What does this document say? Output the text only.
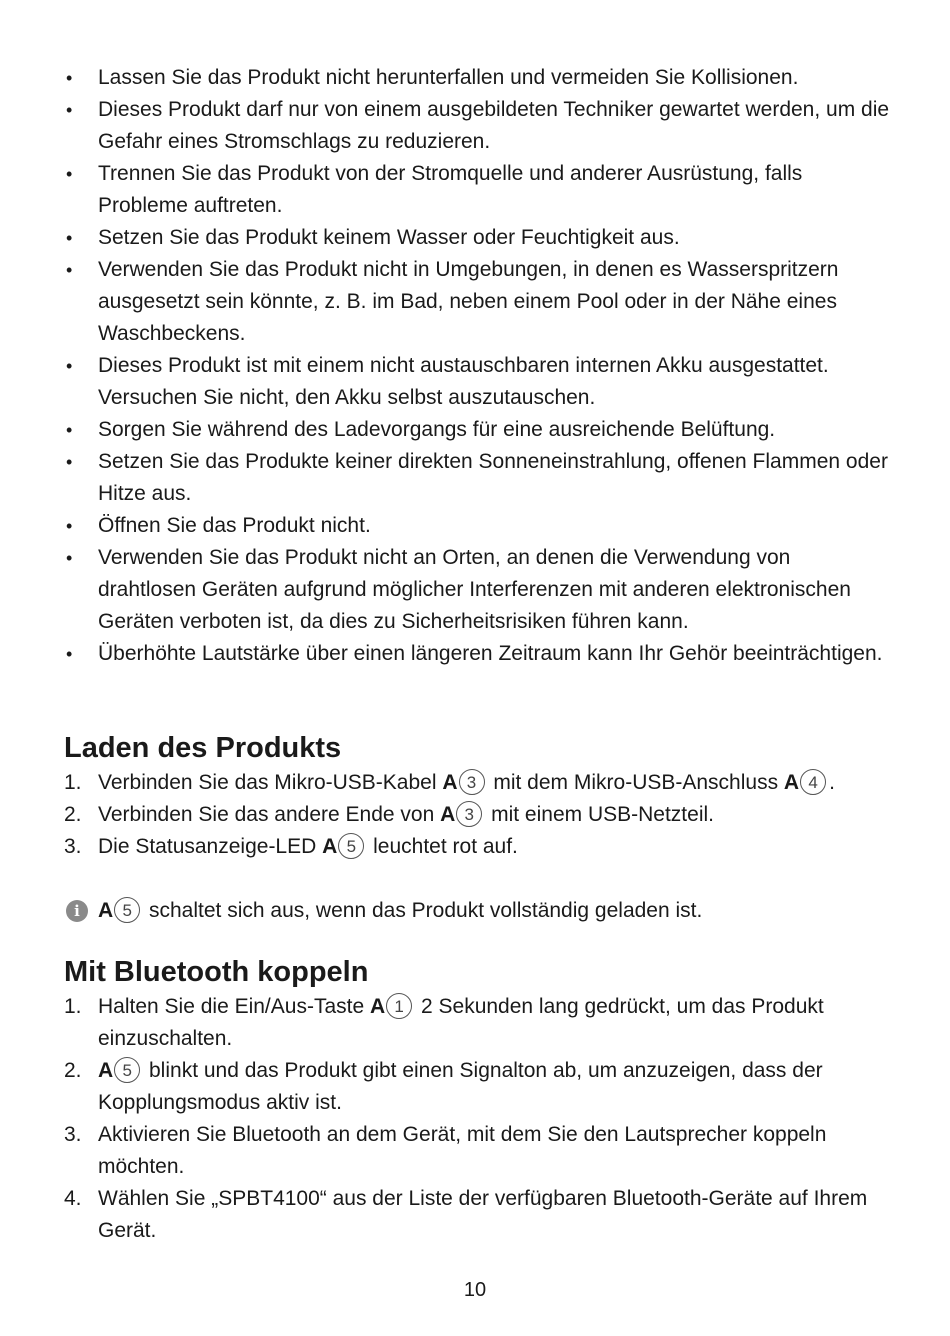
• Lassen Sie das Produkt nicht herunterfallen und vermeiden Sie Kollisionen.
• Dieses Produkt darf nur von einem ausgebildeten Techniker gewartet werden, um die Gefahr eines Stromschlags zu reduzieren.
• Trennen Sie das Produkt von der Stromquelle und anderer Ausrüstung, falls Probleme auftreten.
• Setzen Sie das Produkt keinem Wasser oder Feuchtigkeit aus.
• Verwenden Sie das Produkt nicht in Umgebungen, in denen es Wasserspritzern ausgesetzt sein könnte, z. B. im Bad, neben einem Pool oder in der Nähe eines Waschbeckens.
• Dieses Produkt ist mit einem nicht austauschbaren internen Akku ausgestattet. Versuchen Sie nicht, den Akku selbst auszutauschen.
• Sorgen Sie während des Ladevorgangs für eine ausreichende Belüftung.
• Setzen Sie das Produkte keiner direkten Sonneneinstrahlung, offenen Flammen oder Hitze aus.
• Öffnen Sie das Produkt nicht.
• Verwenden Sie das Produkt nicht an Orten, an denen die Verwendung von drahtlosen Geräten aufgrund möglicher Interferenzen mit anderen elektronischen Geräten verboten ist, da dies zu Sicherheitsrisiken führen kann.
• Überhöhte Lautstärke über einen längeren Zeitraum kann Ihr Gehör beeinträchtigen.
Laden des Produkts
1. Verbinden Sie das Mikro-USB-Kabel A 3 mit dem Mikro-USB-Anschluss A 4 .
2. Verbinden Sie das andere Ende von A 3 mit einem USB-Netzteil.
3. Die Statusanzeige-LED A 5 leuchtet rot auf.
i A 5 schaltet sich aus, wenn das Produkt vollständig geladen ist.
Mit Bluetooth koppeln
1. Halten Sie die Ein/Aus-Taste A 1 2 Sekunden lang gedrückt, um das Produkt einzuschalten.
2. A 5 blinkt und das Produkt gibt einen Signalton ab, um anzuzeigen, dass der Kopplungsmodus aktiv ist.
3. Aktivieren Sie Bluetooth an dem Gerät, mit dem Sie den Lautsprecher koppeln möchten.
4. Wählen Sie „SPBT4100“ aus der Liste der verfügbaren Bluetooth-Geräte auf Ihrem Gerät.
10
